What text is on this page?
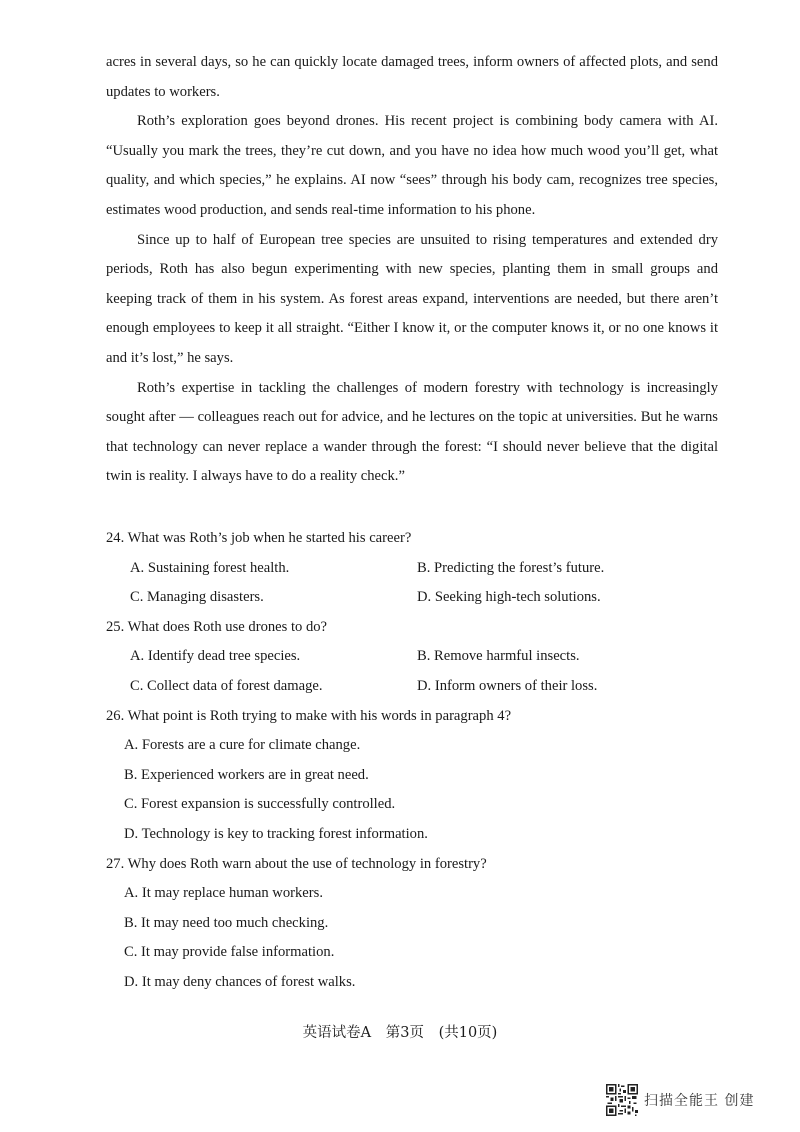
acres in several days, so he can quickly locate damaged trees, inform owners of affected plots, and send updates to workers.

Roth’s exploration goes beyond drones. His recent project is combining body camera with AI. “Usually you mark the trees, they’re cut down, and you have no idea how much wood you’ll get, what quality, and which species,” he explains. AI now “sees” through his body cam, recognizes tree species, estimates wood production, and sends real-time information to his phone.

Since up to half of European tree species are unsuited to rising temperatures and extended dry periods, Roth has also begun experimenting with new species, planting them in small groups and keeping track of them in his system. As forest areas expand, interventions are needed, but there aren’t enough employees to keep it all straight. “Either I know it, or the computer knows it, or no one knows it and it’s lost,” he says.

Roth’s expertise in tackling the challenges of modern forestry with technology is increasingly sought after — colleagues reach out for advice, and he lectures on the topic at universities. But he warns that technology can never replace a wander through the forest: “I should never believe that the digital twin is reality. I always have to do a reality check.”

24. What was Roth’s job when he started his career?
A. Sustaining forest health.	B. Predicting the forest’s future.
C. Managing disasters.	D. Seeking high-tech solutions.
25. What does Roth use drones to do?
A. Identify dead tree species.	B. Remove harmful insects.
C. Collect data of forest damage.	D. Inform owners of their loss.
26. What point is Roth trying to make with his words in paragraph 4?
A. Forests are a cure for climate change.
B. Experienced workers are in great need.
C. Forest expansion is successfully controlled.
D. Technology is key to tracking forest information.
27. Why does Roth warn about the use of technology in forestry?
A. It may replace human workers.
B. It may need too much checking.
C. It may provide false information.
D. It may deny chances of forest walks.
英语试卷A 第3页 (共10页)
扫描全能王 创建
